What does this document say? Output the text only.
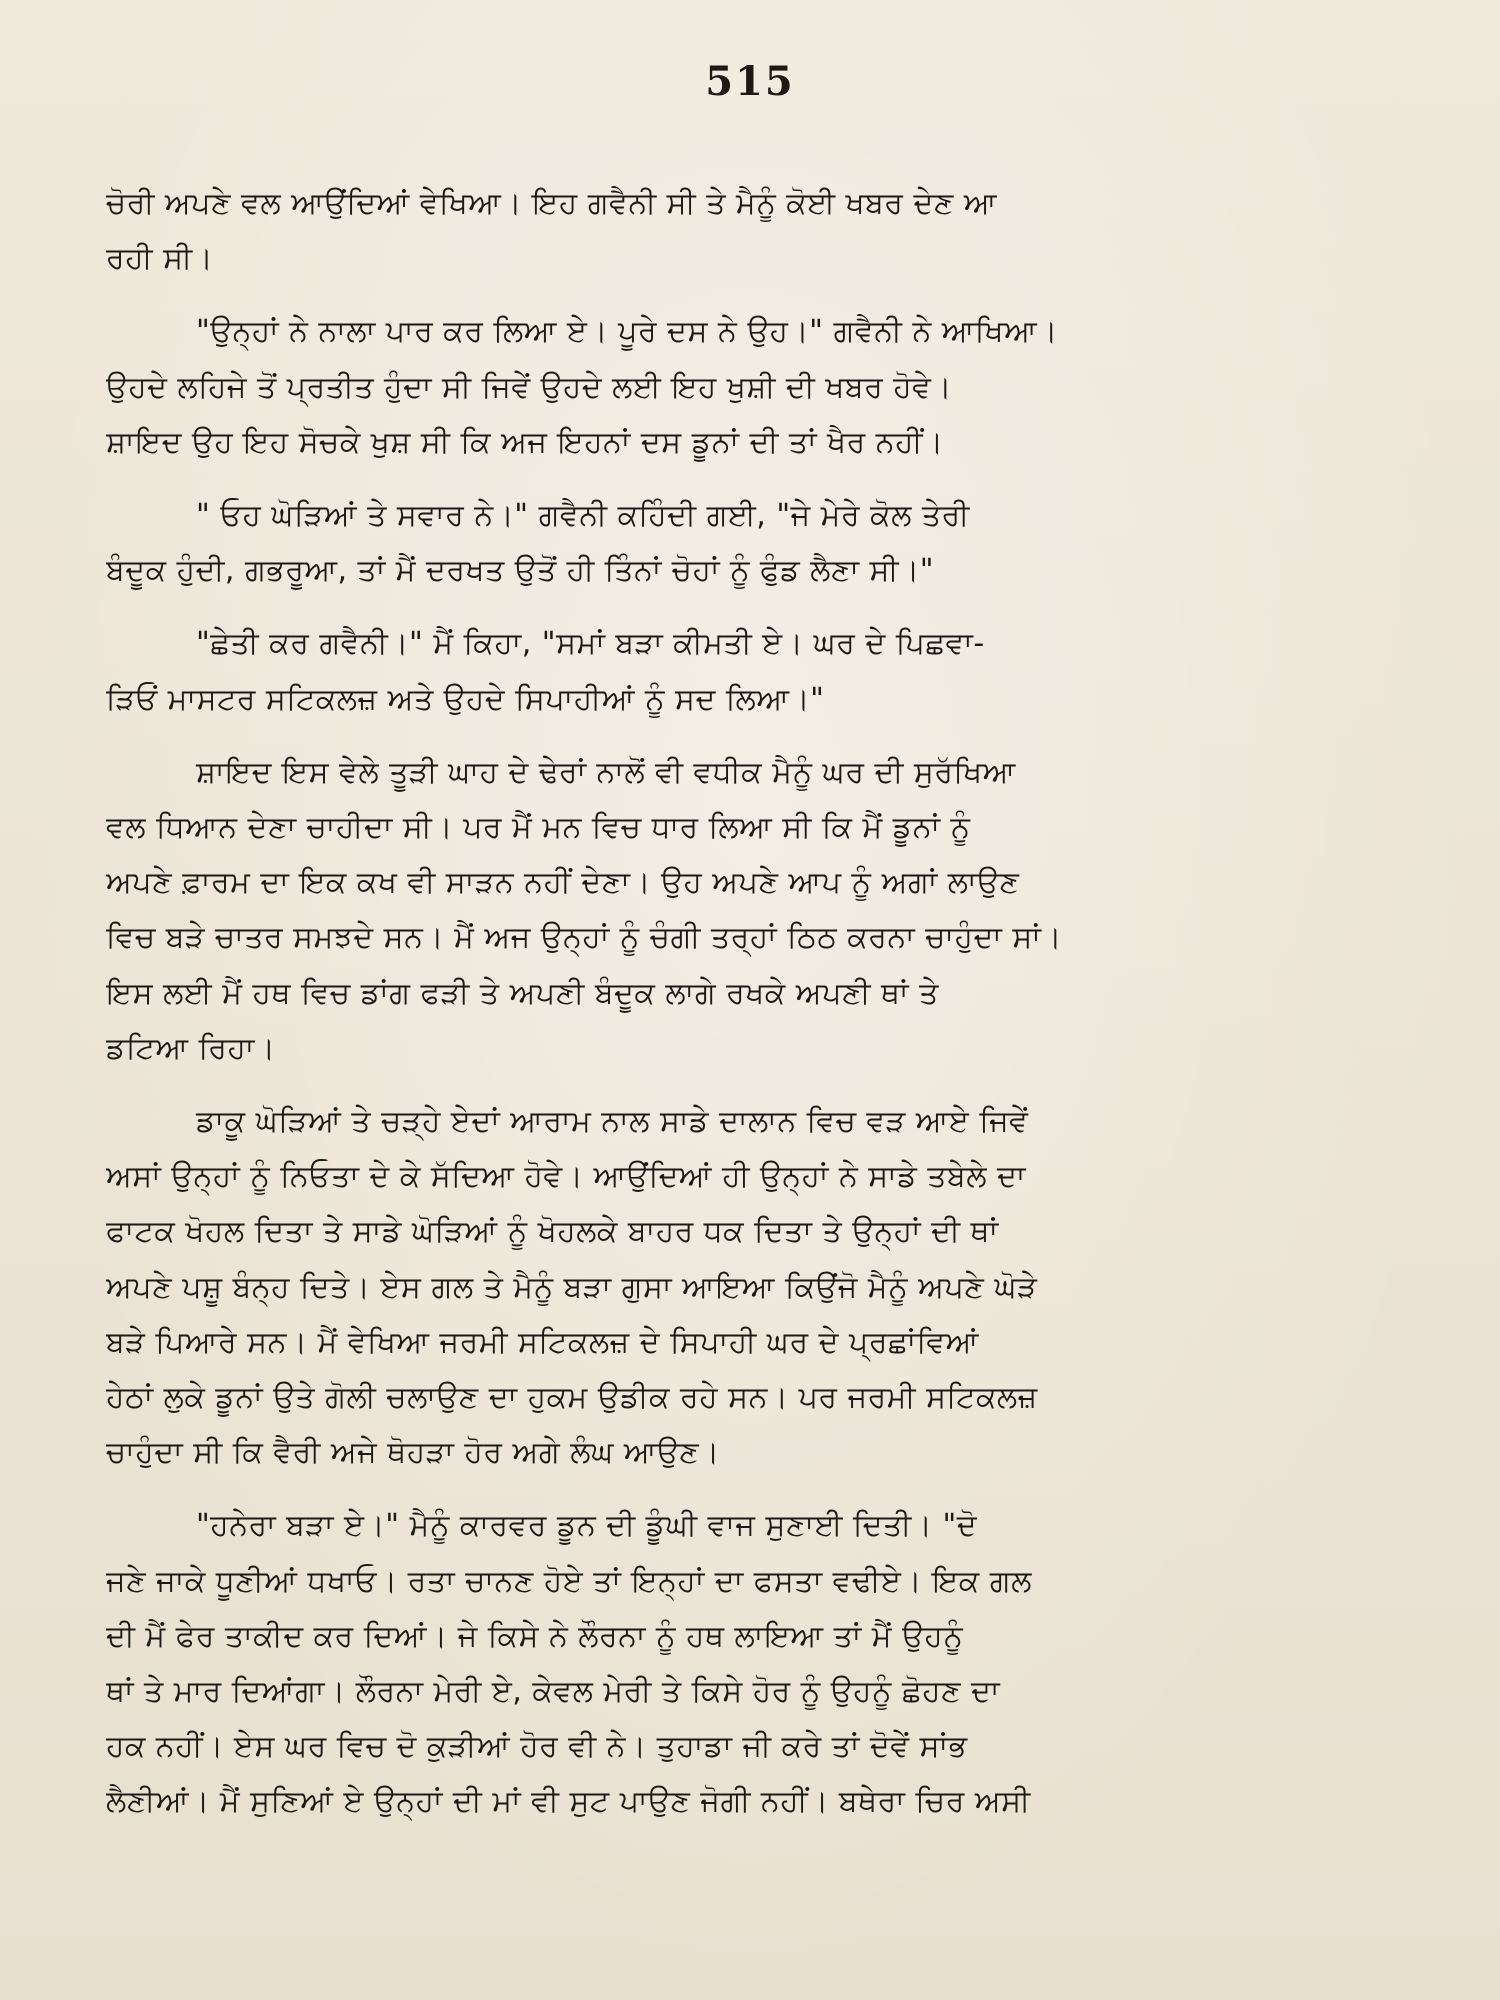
515

ਚੋਰੀ ਅਪਣੇ ਵਲ ਆਉਂਦਿਆਂ ਵੇਖਿਆ। ਇਹ ਗਵੈਨੀ ਸੀ ਤੇ ਮੈਨੂੰ ਕੋਈ ਖਬਰ ਦੇਣ ਆ
ਰਹੀ ਸੀ।

"ਉਨ੍ਹਾਂ ਨੇ ਨਾਲਾ ਪਾਰ ਕਰ ਲਿਆ ਏ। ਪੂਰੇ ਦਸ ਨੇ ਉਹ।" ਗਵੈਨੀ ਨੇ ਆਖਿਆ।
ਉਹਦੇ ਲਹਿਜੇ ਤੋਂ ਪ੍ਰਤੀਤ ਹੁੰਦਾ ਸੀ ਜਿਵੇਂ ਉਹਦੇ ਲਈ ਇਹ ਖੁਸ਼ੀ ਦੀ ਖਬਰ ਹੋਵੇ।
ਸ਼ਾਇਦ ਉਹ ਇਹ ਸੋਚਕੇ ਖੁਸ਼ ਸੀ ਕਿ ਅਜ ਇਹਨਾਂ ਦਸ ਡੂਨਾਂ ਦੀ ਤਾਂ ਖੈਰ ਨਹੀਂ।

" ਓਹ ਘੋੜਿਆਂ ਤੇ ਸਵਾਰ ਨੇ।" ਗਵੈਨੀ ਕਹਿੰਦੀ ਗਈ, "ਜੇ ਮੇਰੇ ਕੋਲ ਤੇਰੀ
ਬੰਦੂਕ ਹੁੰਦੀ, ਗਭਰੂਆ, ਤਾਂ ਮੈਂ ਦਰਖਤ ਉਤੋਂ ਹੀ ਤਿੰਨਾਂ ਚੋਹਾਂ ਨੂੰ ਫੁੰਡ ਲੈਣਾ ਸੀ।"

"ਛੇਤੀ ਕਰ ਗਵੈਨੀ।" ਮੈਂ ਕਿਹਾ, "ਸਮਾਂ ਬੜਾ ਕੀਮਤੀ ਏ। ਘਰ ਦੇ ਪਿਛਵਾ-
ੜਿਓਂ ਮਾਸਟਰ ਸਟਿਕਲਜ਼ ਅਤੇ ਉਹਦੇ ਸਿਪਾਹੀਆਂ ਨੂੰ ਸਦ ਲਿਆ।"

ਸ਼ਾਇਦ ਇਸ ਵੇਲੇ ਤੂੜੀ ਘਾਹ ਦੇ ਢੇਰਾਂ ਨਾਲੋਂ ਵੀ ਵਧੀਕ ਮੈਨੂੰ ਘਰ ਦੀ ਸੁਰੱਖਿਆ
ਵਲ ਧਿਆਨ ਦੇਣਾ ਚਾਹੀਦਾ ਸੀ। ਪਰ ਮੈਂ ਮਨ ਵਿਚ ਧਾਰ ਲਿਆ ਸੀ ਕਿ ਮੈਂ ਡੂਨਾਂ ਨੂੰ
ਅਪਣੇ ਫ਼ਾਰਮ ਦਾ ਇਕ ਕਖ ਵੀ ਸਾੜਨ ਨਹੀਂ ਦੇਣਾ। ਉਹ ਅਪਣੇ ਆਪ ਨੂੰ ਅਗਾਂ ਲਾਉਣ
ਵਿਚ ਬੜੇ ਚਾਤਰ ਸਮਝਦੇ ਸਨ। ਮੈਂ ਅਜ ਉਨ੍ਹਾਂ ਨੂੰ ਚੰਗੀ ਤਰ੍ਹਾਂ ਠਿਠ ਕਰਨਾ ਚਾਹੁੰਦਾ ਸਾਂ।
ਇਸ ਲਈ ਮੈਂ ਹਥ ਵਿਚ ਡਾਂਗ ਫੜੀ ਤੇ ਅਪਣੀ ਬੰਦੂਕ ਲਾਗੇ ਰਖਕੇ ਅਪਣੀ ਥਾਂ ਤੇ
ਡਟਿਆ ਰਿਹਾ।

ਡਾਕੂ ਘੋੜਿਆਂ ਤੇ ਚੜ੍ਹੇ ਏਦਾਂ ਆਰਾਮ ਨਾਲ ਸਾਡੇ ਦਾਲਾਨ ਵਿਚ ਵੜ ਆਏ ਜਿਵੇਂ
ਅਸਾਂ ਉਨ੍ਹਾਂ ਨੂੰ ਨਿਓਤਾ ਦੇ ਕੇ ਸੱਦਿਆ ਹੋਵੇ। ਆਉਂਦਿਆਂ ਹੀ ਉਨ੍ਹਾਂ ਨੇ ਸਾਡੇ ਤਬੇਲੇ ਦਾ
ਫਾਟਕ ਖੋਹਲ ਦਿਤਾ ਤੇ ਸਾਡੇ ਘੋੜਿਆਂ ਨੂੰ ਖੋਹਲਕੇ ਬਾਹਰ ਧਕ ਦਿਤਾ ਤੇ ਉਨ੍ਹਾਂ ਦੀ ਥਾਂ
ਅਪਣੇ ਪਸ਼ੂ ਬੰਨ੍ਹ ਦਿਤੇ। ਏਸ ਗਲ ਤੇ ਮੈਨੂੰ ਬੜਾ ਗੁਸਾ ਆਇਆ ਕਿਉਂਜੋ ਮੈਨੂੰ ਅਪਣੇ ਘੋੜੇ
ਬੜੇ ਪਿਆਰੇ ਸਨ। ਮੈਂ ਵੇਖਿਆ ਜਰਮੀ ਸਟਿਕਲਜ਼ ਦੇ ਸਿਪਾਹੀ ਘਰ ਦੇ ਪ੍ਰਛਾਂਵਿਆਂ
ਹੇਠਾਂ ਲੁਕੇ ਡੂਨਾਂ ਉਤੇ ਗੋਲੀ ਚਲਾਉਣ ਦਾ ਹੁਕਮ ਉਡੀਕ ਰਹੇ ਸਨ। ਪਰ ਜਰਮੀ ਸਟਿਕਲਜ਼
ਚਾਹੁੰਦਾ ਸੀ ਕਿ ਵੈਰੀ ਅਜੇ ਥੋਹੜਾ ਹੋਰ ਅਗੇ ਲੰਘ ਆਉਣ।

"ਹਨੇਰਾ ਬੜਾ ਏ।" ਮੈਨੂੰ ਕਾਰਵਰ ਡੂਨ ਦੀ ਡੂੰਘੀ ਵਾਜ ਸੁਣਾਈ ਦਿਤੀ। "ਦੋ
ਜਣੇ ਜਾਕੇ ਧੂਣੀਆਂ ਧਖਾਓ। ਰਤਾ ਚਾਨਣ ਹੋਏ ਤਾਂ ਇਨ੍ਹਾਂ ਦਾ ਫਸਤਾ ਵਢੀਏ। ਇਕ ਗਲ
ਦੀ ਮੈਂ ਫੇਰ ਤਾਕੀਦ ਕਰ ਦਿਆਂ। ਜੇ ਕਿਸੇ ਨੇ ਲੌਰਨਾ ਨੂੰ ਹਥ ਲਾਇਆ ਤਾਂ ਮੈਂ ਉਹਨੂੰ
ਥਾਂ ਤੇ ਮਾਰ ਦਿਆਂਗਾ। ਲੌਰਨਾ ਮੇਰੀ ਏ, ਕੇਵਲ ਮੇਰੀ ਤੇ ਕਿਸੇ ਹੋਰ ਨੂੰ ਉਹਨੂੰ ਛੋਹਣ ਦਾ
ਹਕ ਨਹੀਂ। ਏਸ ਘਰ ਵਿਚ ਦੋ ਕੁੜੀਆਂ ਹੋਰ ਵੀ ਨੇ। ਤੁਹਾਡਾ ਜੀ ਕਰੇ ਤਾਂ ਦੋਵੇਂ ਸਾਂਭ
ਲੈਣੀਆਂ। ਮੈਂ ਸੁਣਿਆਂ ਏ ਉਨ੍ਹਾਂ ਦੀ ਮਾਂ ਵੀ ਸੁਟ ਪਾਉਣ ਜੋਗੀ ਨਹੀਂ। ਬਥੇਰਾ ਚਿਰ ਅਸੀ
